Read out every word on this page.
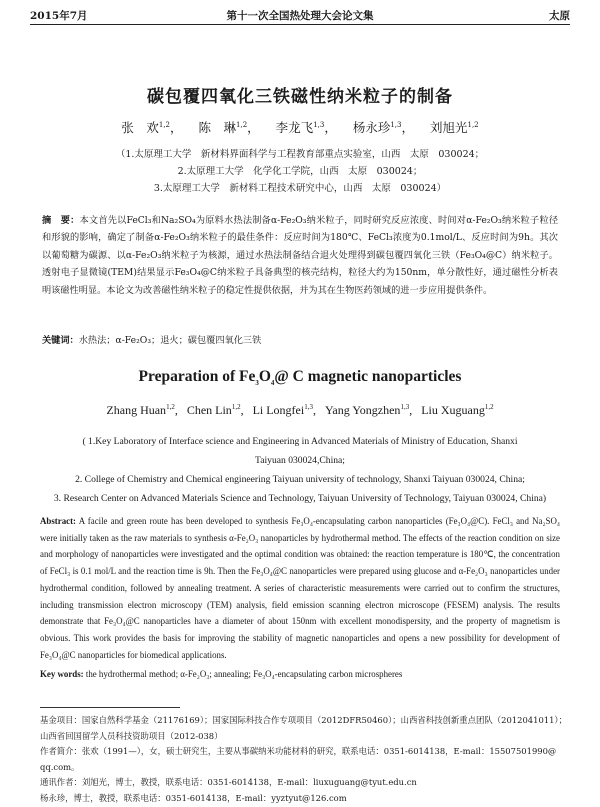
2015年7月	第十一次全国热处理大会论文集	太原
碳包覆四氧化三铁磁性纳米粒子的制备
张　欢$^{1,2}$， 陈　琳$^{1,2}$， 李龙飞$^{1,3}$， 杨永珍$^{1,3}$， 刘旭光$^{1,2}$
（1.太原理工大学　新材料界面科学与工程教育部重点实验室，山西　太原　030024；
2.太原理工大学　化学化工学院，山西　太原　030024；
3.太原理工大学　新材料工程技术研究中心，山西　太原　030024）
摘　要：本文首先以FeCl₃和Na₂SO₄为原料水热法制备α-Fe₂O₃纳米粒子，同时研究反应浓度、时间对α-Fe₂O₃纳米粒子粒径和形貌的影响，确定了制备α-Fe₂O₃纳米粒子的最佳条件：反应时间为180℃、FeCl₃浓度为0.1mol/L、反应时间为9h。其次以葡萄糖为碳源、以α-Fe₂O₃纳米粒子为核源，通过水热法制备结合退火处理得到碳包覆四氧化三铁（Fe₃O₄@C）纳米粒子。透射电子显微镜(TEM)结果显示Fe₃O₄@C纳米粒子具备典型的核壳结构，粒径大约为150nm，单分散性好，通过磁性分析表明该磁性明显。本论文为改善磁性纳米粒子的稳定性提供依据，并为其在生物医药领域的进一步应用提供条件。
关键词：水热法；α-Fe₂O₃；退火；碳包覆四氧化三铁
Preparation of $Fe_3O_4@$ C magnetic nanoparticles
Zhang Huan$^{1,2}$, Chen Lin$^{1,2}$, Li Longfei$^{1,3}$, Yang Yongzhen$^{1,3}$, Liu Xuguang$^{1,2}$
( 1.Key Laboratory of Interface science and Engineering in Advanced Materials of Ministry of Education, Shanxi
Taiyuan 030024,China;
2. College of Chemistry and Chemical engineering Taiyuan university of technology, Shanxi Taiyuan 030024, China;
3. Research Center on Advanced Materials Science and Technology, Taiyuan University of Technology, Taiyuan 030024, China)
Abstract: A facile and green route has been developed to synthesis Fe₃O₄-encapsulating carbon nanoparticles (Fe₃O₄@C). FeCl₃ and Na₂SO₄ were initially taken as the raw materials to synthesis α-Fe₂O₃ nanoparticles by hydrothermal method. The effects of the reaction condition on size and morphology of nanoparticles were investigated and the optimal condition was obtained: the reaction temperature is 180℃, the concentration of FeCl₃ is 0.1 mol/L and the reaction time is 9h. Then the Fe₃O₄@C nanoparticles were prepared using glucose and α-Fe₂O₃ nanoparticles under hydrothermal condition, followed by annealing treatment. A series of characteristic measurements were carried out to confirm the structures, including transmission electron microscopy (TEM) analysis, field emission scanning electron microscope (FESEM) analysis. The results demonstrate that Fe₃O₄@C nanoparticles have a diameter of about 150nm with excellent monodispersity, and the property of magnetism is obvious. This work provides the basis for improving the stability of magnetic nanoparticles and opens a new possibility for development of Fe₃O₄@C nanoparticles for biomedical applications.
Key words: the hydrothermal method; α-Fe₂O₃; annealing; Fe₃O₄-encapsulating carbon microspheres
基金项目：国家自然科学基金（21176169）；国家国际科技合作专项项目（2012DFR50460）；山西省科技创新重点团队（2012041011）；
山西省回国留学人员科技资助项目（2012-038）
作者简介：张欢（1991—），女，硕士研究生，主要从事碳纳米功能材料的研究，联系电话：0351-6014138，E-mail：15507501990@
qq.com。
通讯作者：刘旭光，博士，教授，联系电话：0351-6014138，E-mail：liuxuguang@tyut.edu.cn
杨永珍，博士，教授，联系电话：0351-6014138，E-mail：yyztyut@126.com
